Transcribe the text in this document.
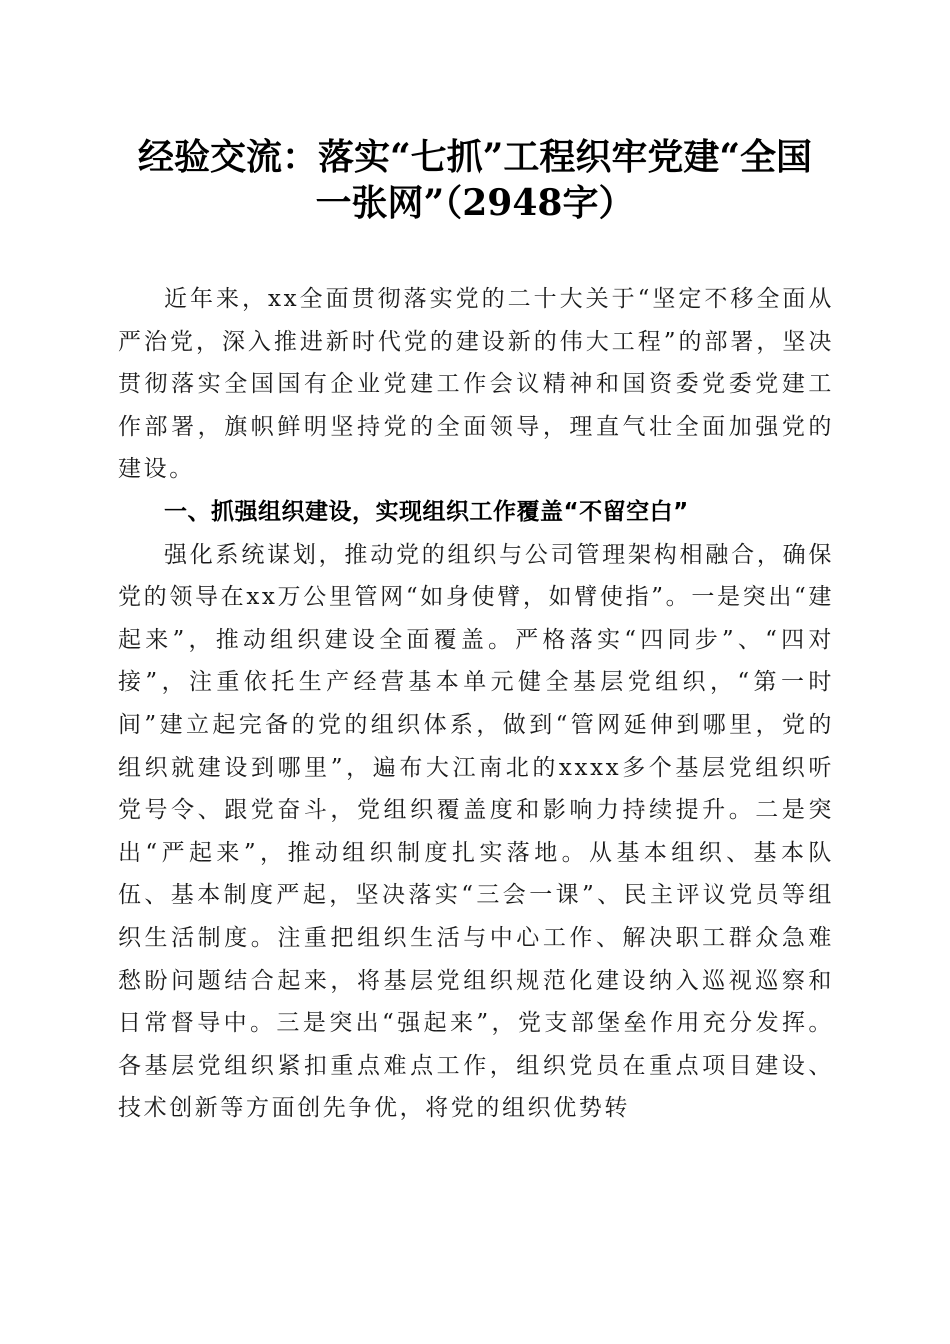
经验交流：落实“七抓”工程织牢党建“全国
一张网”（2948字）

近年来，xx全面贯彻落实党的二十大关于“坚定不移全面从严治党，深入推进新时代党的建设新的伟大工程”的部署，坚决贯彻落实全国国有企业党建工作会议精神和国资委党委党建工作部署，旗帜鲜明坚持党的全面领导，理直气壮全面加强党的建设。

一、抓强组织建设，实现组织工作覆盖“不留空白”

强化系统谋划，推动党的组织与公司管理架构相融合，确保党的领导在xx万公里管网“如身使臂，如臂使指”。一是突出“建起来”，推动组织建设全面覆盖。严格落实“四同步”、“四对接”，注重依托生产经营基本单元健全基层党组织，“第一时间”建立起完备的党的组织体系，做到“管网延伸到哪里，党的组织就建设到哪里”，遍布大江南北的xxxx多个基层党组织听党号令、跟党奋斗，党组织覆盖度和影响力持续提升。二是突出“严起来”，推动组织制度扎实落地。从基本组织、基本队伍、基本制度严起，坚决落实“三会一课”、民主评议党员等组织生活制度。注重把组织生活与中心工作、解决职工群众急难愁盼问题结合起来，将基层党组织规范化建设纳入巡视巡察和日常督导中。三是突出“强起来”，党支部堡垒作用充分发挥。各基层党组织紧扣重点难点工作，组织党员在重点项目建设、技术创新等方面创先争优，将党的组织优势转
